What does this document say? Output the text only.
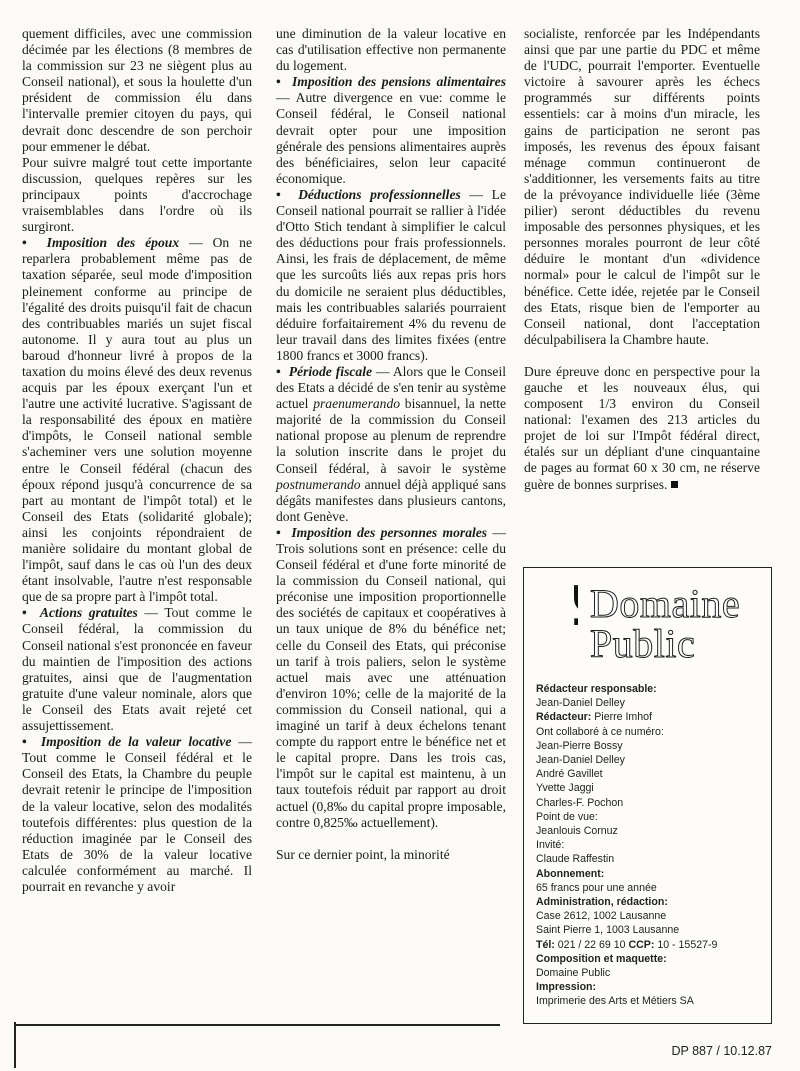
quement difficiles, avec une commission décimée par les élections (8 membres de la commission sur 23 ne siègent plus au Conseil national), et sous la houlette d'un président de commission élu dans l'intervalle premier citoyen du pays, qui devrait donc descendre de son perchoir pour emmener le débat.

Pour suivre malgré tout cette importante discussion, quelques repères sur les principaux points d'accrochage vraisemblables dans l'ordre où ils surgiront.

• Imposition des époux — On ne reparlera probablement même pas de taxation séparée, seul mode d'imposition pleinement conforme au principe de l'égalité des droits puisqu'il fait de chacun des contribuables mariés un sujet fiscal autonome. Il y aura tout au plus un baroud d'honneur livré à propos de la taxation du moins élevé des deux revenus acquis par les époux exerçant l'un et l'autre une activité lucrative. S'agissant de la responsabilité des époux en matière d'impôts, le Conseil national semble s'acheminer vers une solution moyenne entre le Conseil fédéral (chacun des époux répond jusqu'à concurrence de sa part au montant de l'impôt total) et le Conseil des Etats (solidarité globale); ainsi les conjoints répondraient de manière solidaire du montant global de l'impôt, sauf dans le cas où l'un des deux étant insolvable, l'autre n'est responsable que de sa propre part à l'impôt total.

• Actions gratuites — Tout comme le Conseil fédéral, la commission du Conseil national s'est prononcée en faveur du maintien de l'imposition des actions gratuites, ainsi que de l'augmentation gratuite d'une valeur nominale, alors que le Conseil des Etats avait rejeté cet assujettissement.

• Imposition de la valeur locative — Tout comme le Conseil fédéral et le Conseil des Etats, la Chambre du peuple devrait retenir le principe de l'imposition de la valeur locative, selon des modalités toutefois différentes: plus question de la réduction imaginée par le Conseil des Etats de 30% de la valeur locative calculée conformément au marché. Il pourrait en revanche y avoir

une diminution de la valeur locative en cas d'utilisation effective non permanente du logement.

• Imposition des pensions alimentaires — Autre divergence en vue: comme le Conseil fédéral, le Conseil national devrait opter pour une imposition générale des pensions alimentaires auprès des bénéficiaires, selon leur capacité économique.

• Déductions professionnelles — Le Conseil national pourrait se rallier à l'idée d'Otto Stich tendant à simplifier le calcul des déductions pour frais professionnels. Ainsi, les frais de déplacement, de même que les surcoûts liés aux repas pris hors du domicile ne seraient plus déductibles, mais les contribuables salariés pourraient déduire forfaitairement 4% du revenu de leur travail dans des limites fixées (entre 1800 francs et 3000 francs).

• Période fiscale — Alors que le Conseil des Etats a décidé de s'en tenir au système actuel praenumerando bisannuel, la nette majorité de la commission du Conseil national propose au plenum de reprendre la solution inscrite dans le projet du Conseil fédéral, à savoir le système postnumerando annuel déjà appliqué sans dégâts manifestes dans plusieurs cantons, dont Genève.

• Imposition des personnes morales — Trois solutions sont en présence: celle du Conseil fédéral et d'une forte minorité de la commission du Conseil national, qui préconise une imposition proportionnelle des sociétés de capitaux et coopératives à un taux unique de 8% du bénéfice net; celle du Conseil des Etats, qui préconise un tarif à trois paliers, selon le système actuel mais avec une atténuation d'environ 10%; celle de la majorité de la commission du Conseil national, qui a imaginé un tarif à deux échelons tenant compte du rapport entre le bénéfice net et le capital propre. Dans les trois cas, l'impôt sur le capital est maintenu, à un taux toutefois réduit par rapport au droit actuel (0,8‰ du capital propre imposable, contre 0,825‰ actuellement).

Sur ce dernier point, la minorité

socialiste, renforcée par les Indépendants ainsi que par une partie du PDC et même de l'UDC, pourrait l'emporter. Eventuelle victoire à savourer après les échecs programmés sur différents points essentiels: car à moins d'un miracle, les gains de participation ne seront pas imposés, les revenus des époux faisant ménage commun continueront de s'additionner, les versements faits au titre de la prévoyance individuelle liée (3ème pilier) seront déductibles du revenu imposable des personnes physiques, et les personnes morales pourront de leur côté déduire le montant d'un «dividence normal» pour le calcul de l'impôt sur le bénéfice. Cette idée, rejetée par le Conseil des Etats, risque bien de l'emporter au Conseil national, dont l'acceptation déculpabilisera la Chambre haute.

Dure épreuve donc en perspective pour la gauche et les nouveaux élus, qui composent 1/3 environ du Conseil national: l'examen des 213 articles du projet de loi sur l'Impôt fédéral direct, étalés sur un dépliant d'une cinquantaine de pages au format 60 x 30 cm, ne réserve guère de bonnes surprises.

DP
Domaine
Public
Rédacteur responsable:
Jean-Daniel Delley
Rédacteur: Pierre Imhof
Ont collaboré à ce numéro:
Jean-Pierre Bossy
Jean-Daniel Delley
André Gavillet
Yvette Jaggi
Charles-F. Pochon
Point de vue:
Jeanlouis Cornuz
Invité:
Claude Raffestin
Abonnement:
65 francs pour une année
Administration, rédaction:
Case 2612, 1002 Lausanne
Saint Pierre 1, 1003 Lausanne
Tél: 021 / 22 69 10 CCP: 10 - 15527-9
Composition et maquette:
Domaine Public
Impression:
Imprimerie des Arts et Métiers SA
DP 887 / 10.12.87
